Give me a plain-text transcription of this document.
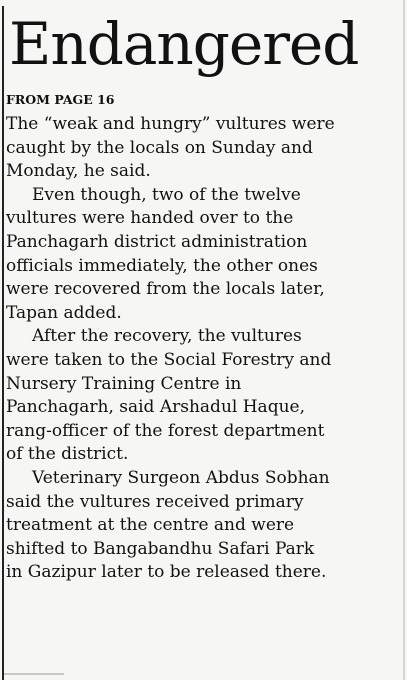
Endangered
FROM PAGE 16

The “weak and hungry” vultures were
caught by the locals on Sunday and
Monday, he said.

Even though, two of the twelve
vultures were handed over to the
Panchagarh district administration
officials immediately, the other ones
were recovered from the locals later,
Tapan added.

After the recovery, the vultures
were taken to the Social Forestry and
Nursery Training Centre in
Panchagarh, said Arshadul Haque,
rang-officer of the forest department
of the district.

Veterinary Surgeon Abdus Sobhan
said the vultures received primary
treatment at the centre and were
shifted to Bangabandhu Safari Park
in Gazipur later to be released there.
